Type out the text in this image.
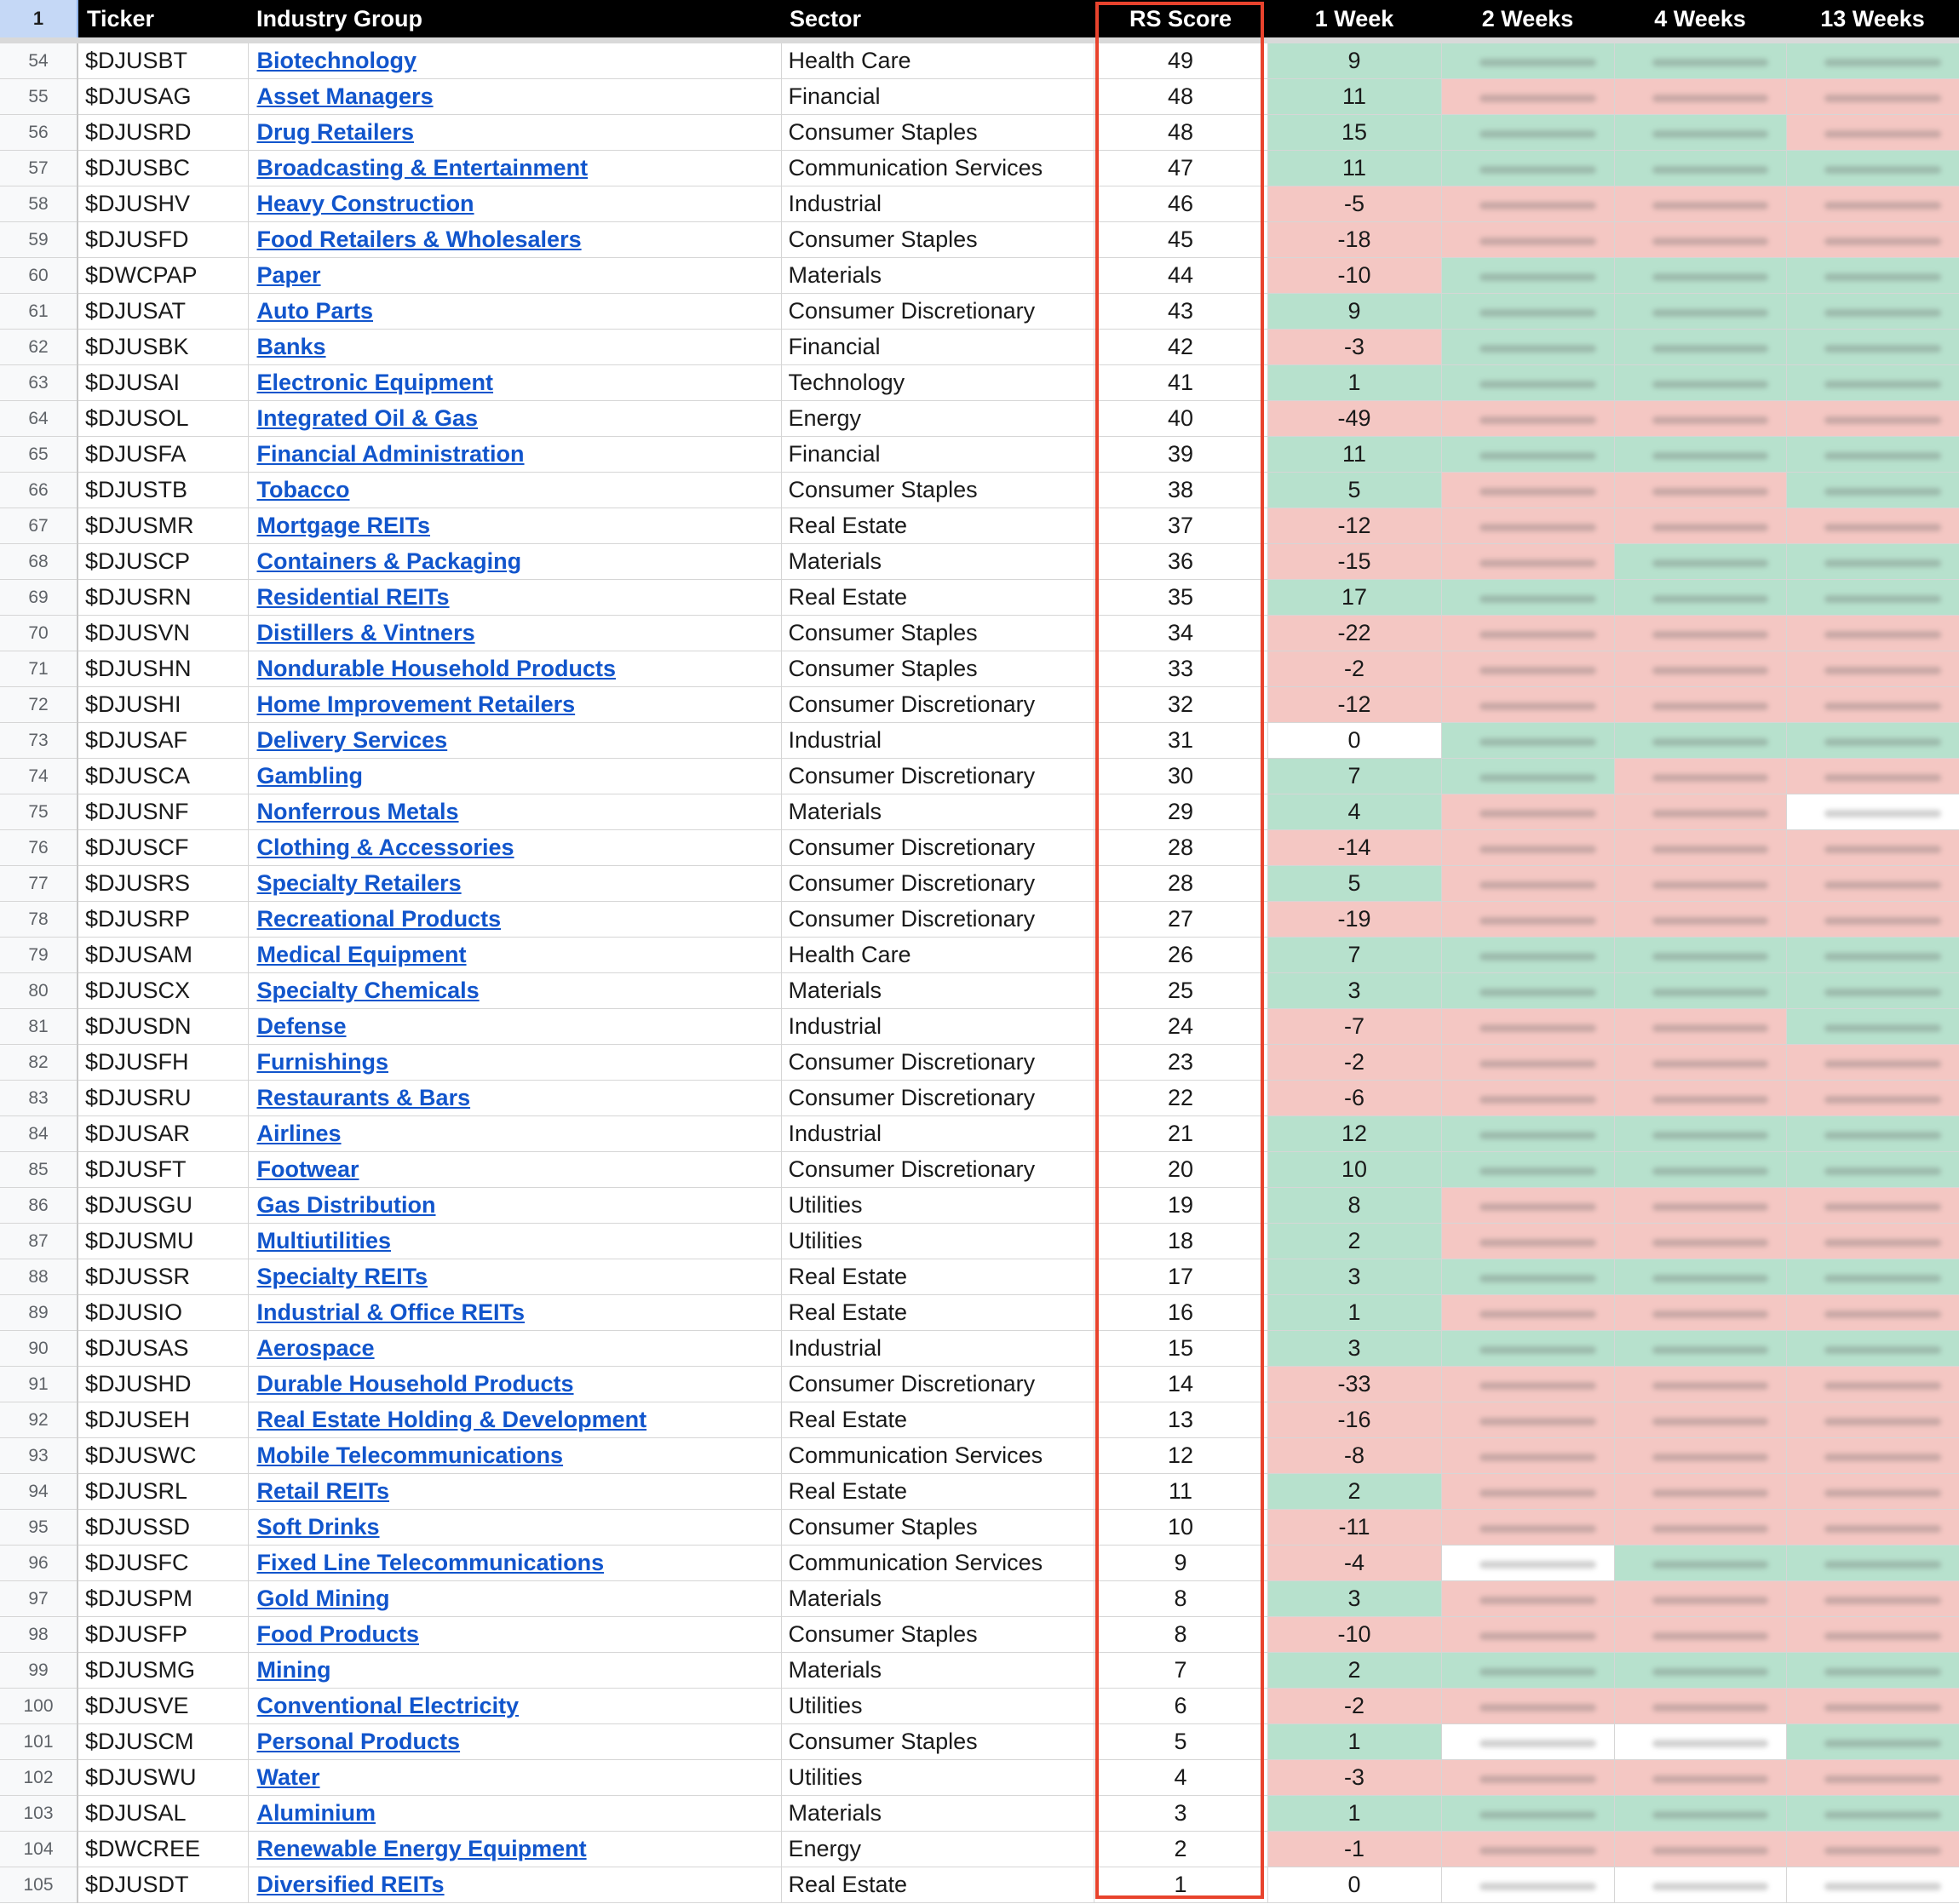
1	Ticker	Industry Group	Sector	RS Score	1 Week	2 Weeks	4 Weeks	13 Weeks
54	$DJUSBT	Biotechnology	Health Care	49	9	

55	$DJUSAG	Asset Managers	Financial	48	11	

56	$DJUSRD	Drug Retailers	Consumer Staples	48	15	

57	$DJUSBC	Broadcasting & Entertainment	Communication Services	47	11	

58	$DJUSHV	Heavy Construction	Industrial	46	-5	

59	$DJUSFD	Food Retailers & Wholesalers	Consumer Staples	45	-18	

60	$DWCPAP	Paper	Materials	44	-10	

61	$DJUSAT	Auto Parts	Consumer Discretionary	43	9	

62	$DJUSBK	Banks	Financial	42	-3	

63	$DJUSAI	Electronic Equipment	Technology	41	1	

64	$DJUSOL	Integrated Oil & Gas	Energy	40	-49	

65	$DJUSFA	Financial Administration	Financial	39	11	

66	$DJUSTB	Tobacco	Consumer Staples	38	5	

67	$DJUSMR	Mortgage REITs	Real Estate	37	-12	

68	$DJUSCP	Containers & Packaging	Materials	36	-15	

69	$DJUSRN	Residential REITs	Real Estate	35	17	

70	$DJUSVN	Distillers & Vintners	Consumer Staples	34	-22	

71	$DJUSHN	Nondurable Household Products	Consumer Staples	33	-2	

72	$DJUSHI	Home Improvement Retailers	Consumer Discretionary	32	-12	

73	$DJUSAF	Delivery Services	Industrial	31	0	

74	$DJUSCA	Gambling	Consumer Discretionary	30	7	

75	$DJUSNF	Nonferrous Metals	Materials	29	4	

76	$DJUSCF	Clothing & Accessories	Consumer Discretionary	28	-14	

77	$DJUSRS	Specialty Retailers	Consumer Discretionary	28	5	

78	$DJUSRP	Recreational Products	Consumer Discretionary	27	-19	

79	$DJUSAM	Medical Equipment	Health Care	26	7	

80	$DJUSCX	Specialty Chemicals	Materials	25	3	

81	$DJUSDN	Defense	Industrial	24	-7	

82	$DJUSFH	Furnishings	Consumer Discretionary	23	-2	

83	$DJUSRU	Restaurants & Bars	Consumer Discretionary	22	-6	

84	$DJUSAR	Airlines	Industrial	21	12	

85	$DJUSFT	Footwear	Consumer Discretionary	20	10	

86	$DJUSGU	Gas Distribution	Utilities	19	8	

87	$DJUSMU	Multiutilities	Utilities	18	2	

88	$DJUSSR	Specialty REITs	Real Estate	17	3	

89	$DJUSIO	Industrial & Office REITs	Real Estate	16	1	

90	$DJUSAS	Aerospace	Industrial	15	3	

91	$DJUSHD	Durable Household Products	Consumer Discretionary	14	-33	

92	$DJUSEH	Real Estate Holding & Development	Real Estate	13	-16	

93	$DJUSWC	Mobile Telecommunications	Communication Services	12	-8	

94	$DJUSRL	Retail REITs	Real Estate	11	2	

95	$DJUSSD	Soft Drinks	Consumer Staples	10	-11	

96	$DJUSFC	Fixed Line Telecommunications	Communication Services	9	-4	

97	$DJUSPM	Gold Mining	Materials	8	3	

98	$DJUSFP	Food Products	Consumer Staples	8	-10	

99	$DJUSMG	Mining	Materials	7	2	

100	$DJUSVE	Conventional Electricity	Utilities	6	-2	

101	$DJUSCM	Personal Products	Consumer Staples	5	1	

102	$DJUSWU	Water	Utilities	4	-3	

103	$DJUSAL	Aluminium	Materials	3	1	

104	$DWCREE	Renewable Energy Equipment	Energy	2	-1	

105	$DJUSDT	Diversified REITs	Real Estate	1	0	
